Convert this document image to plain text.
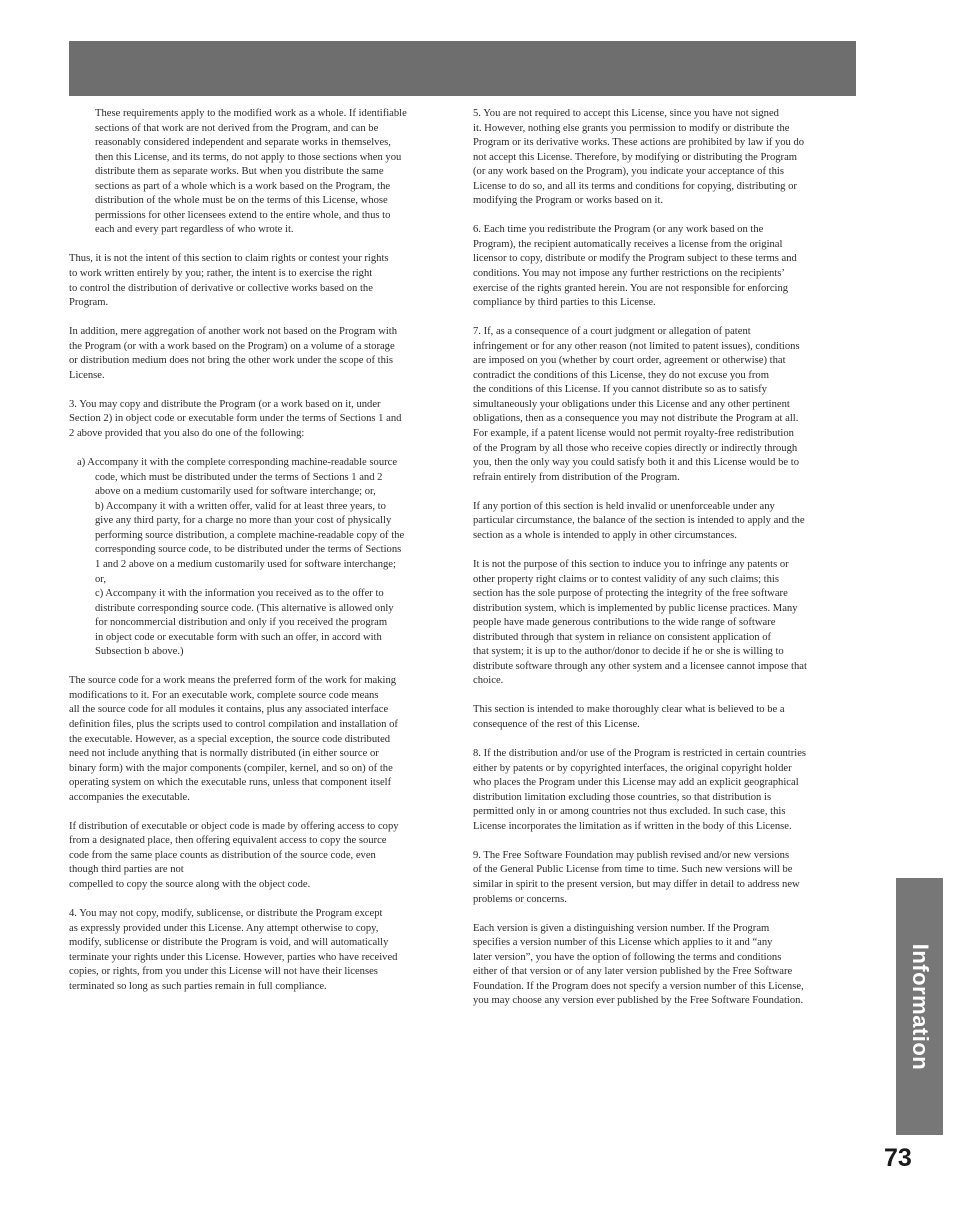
These requirements apply to the modified work as a whole. If identifiable
sections of that work are not derived from the Program, and can be
reasonably considered independent and separate works in themselves,
then this License, and its terms, do not apply to those sections when you
distribute them as separate works. But when you distribute the same
sections as part of a whole which is a work based on the Program, the
distribution of the whole must be on the terms of this License, whose
permissions for other licensees extend to the entire whole, and thus to
each and every part regardless of who wrote it.

Thus, it is not the intent of this section to claim rights or contest your rights
to work written entirely by you; rather, the intent is to exercise the right
to control the distribution of derivative or collective works based on the
Program.

In addition, mere aggregation of another work not based on the Program with
the Program (or with a work based on the Program) on a volume of a storage
or distribution medium does not bring the other work under the scope of this
License.

3. You may copy and distribute the Program (or a work based on it, under
Section 2) in object code or executable form under the terms of Sections 1 and
2 above provided that you also do one of the following:

a) Accompany it with the complete corresponding machine-readable source
code, which must be distributed under the terms of Sections 1 and 2
above on a medium customarily used for software interchange; or,
b) Accompany it with a written offer, valid for at least three years, to
give any third party, for a charge no more than your cost of physically
performing source distribution, a complete machine-readable copy of the
corresponding source code, to be distributed under the terms of Sections
1 and 2 above on a medium customarily used for software interchange;
or,
c) Accompany it with the information you received as to the offer to
distribute corresponding source code. (This alternative is allowed only
for noncommercial distribution and only if you received the program
in object code or executable form with such an offer, in accord with
Subsection b above.)

The source code for a work means the preferred form of the work for making
modifications to it. For an executable work, complete source code means
all the source code for all modules it contains, plus any associated interface
definition files, plus the scripts used to control compilation and installation of
the executable. However, as a special exception, the source code distributed
need not include anything that is normally distributed (in either source or
binary form) with the major components (compiler, kernel, and so on) of the
operating system on which the executable runs, unless that component itself
accompanies the executable.

If distribution of executable or object code is made by offering access to copy
from a designated place, then offering equivalent access to copy the source
code from the same place counts as distribution of the source code, even
though third parties are not
compelled to copy the source along with the object code.

4. You may not copy, modify, sublicense, or distribute the Program except
as expressly provided under this License. Any attempt otherwise to copy,
modify, sublicense or distribute the Program is void, and will automatically
terminate your rights under this License. However, parties who have received
copies, or rights, from you under this License will not have their licenses
terminated so long as such parties remain in full compliance.

5. You are not required to accept this License, since you have not signed
it. However, nothing else grants you permission to modify or distribute the
Program or its derivative works. These actions are prohibited by law if you do
not accept this License. Therefore, by modifying or distributing the Program
(or any work based on the Program), you indicate your acceptance of this
License to do so, and all its terms and conditions for copying, distributing or
modifying the Program or works based on it.

6. Each time you redistribute the Program (or any work based on the
Program), the recipient automatically receives a license from the original
licensor to copy, distribute or modify the Program subject to these terms and
conditions. You may not impose any further restrictions on the recipients’
exercise of the rights granted herein. You are not responsible for enforcing
compliance by third parties to this License.

7. If, as a consequence of a court judgment or allegation of patent
infringement or for any other reason (not limited to patent issues), conditions
are imposed on you (whether by court order, agreement or otherwise) that
contradict the conditions of this License, they do not excuse you from
the conditions of this License. If you cannot distribute so as to satisfy
simultaneously your obligations under this License and any other pertinent
obligations, then as a consequence you may not distribute the Program at all.
For example, if a patent license would not permit royalty-free redistribution
of the Program by all those who receive copies directly or indirectly through
you, then the only way you could satisfy both it and this License would be to
refrain entirely from distribution of the Program.

If any portion of this section is held invalid or unenforceable under any
particular circumstance, the balance of the section is intended to apply and the
section as a whole is intended to apply in other circumstances.

It is not the purpose of this section to induce you to infringe any patents or
other property right claims or to contest validity of any such claims; this
section has the sole purpose of protecting the integrity of the free software
distribution system, which is implemented by public license practices. Many
people have made generous contributions to the wide range of software
distributed through that system in reliance on consistent application of
that system; it is up to the author/donor to decide if he or she is willing to
distribute software through any other system and a licensee cannot impose that
choice.

This section is intended to make thoroughly clear what is believed to be a
consequence of the rest of this License.

8. If the distribution and/or use of the Program is restricted in certain countries
either by patents or by copyrighted interfaces, the original copyright holder
who places the Program under this License may add an explicit geographical
distribution limitation excluding those countries, so that distribution is
permitted only in or among countries not thus excluded. In such case, this
License incorporates the limitation as if written in the body of this License.

9. The Free Software Foundation may publish revised and/or new versions
of the General Public License from time to time. Such new versions will be
similar in spirit to the present version, but may differ in detail to address new
problems or concerns.

Each version is given a distinguishing version number. If the Program
specifies a version number of this License which applies to it and “any
later version”, you have the option of following the terms and conditions
either of that version or of any later version published by the Free Software
Foundation. If the Program does not specify a version number of this License,
you may choose any version ever published by the Free Software Foundation.	Information
73
